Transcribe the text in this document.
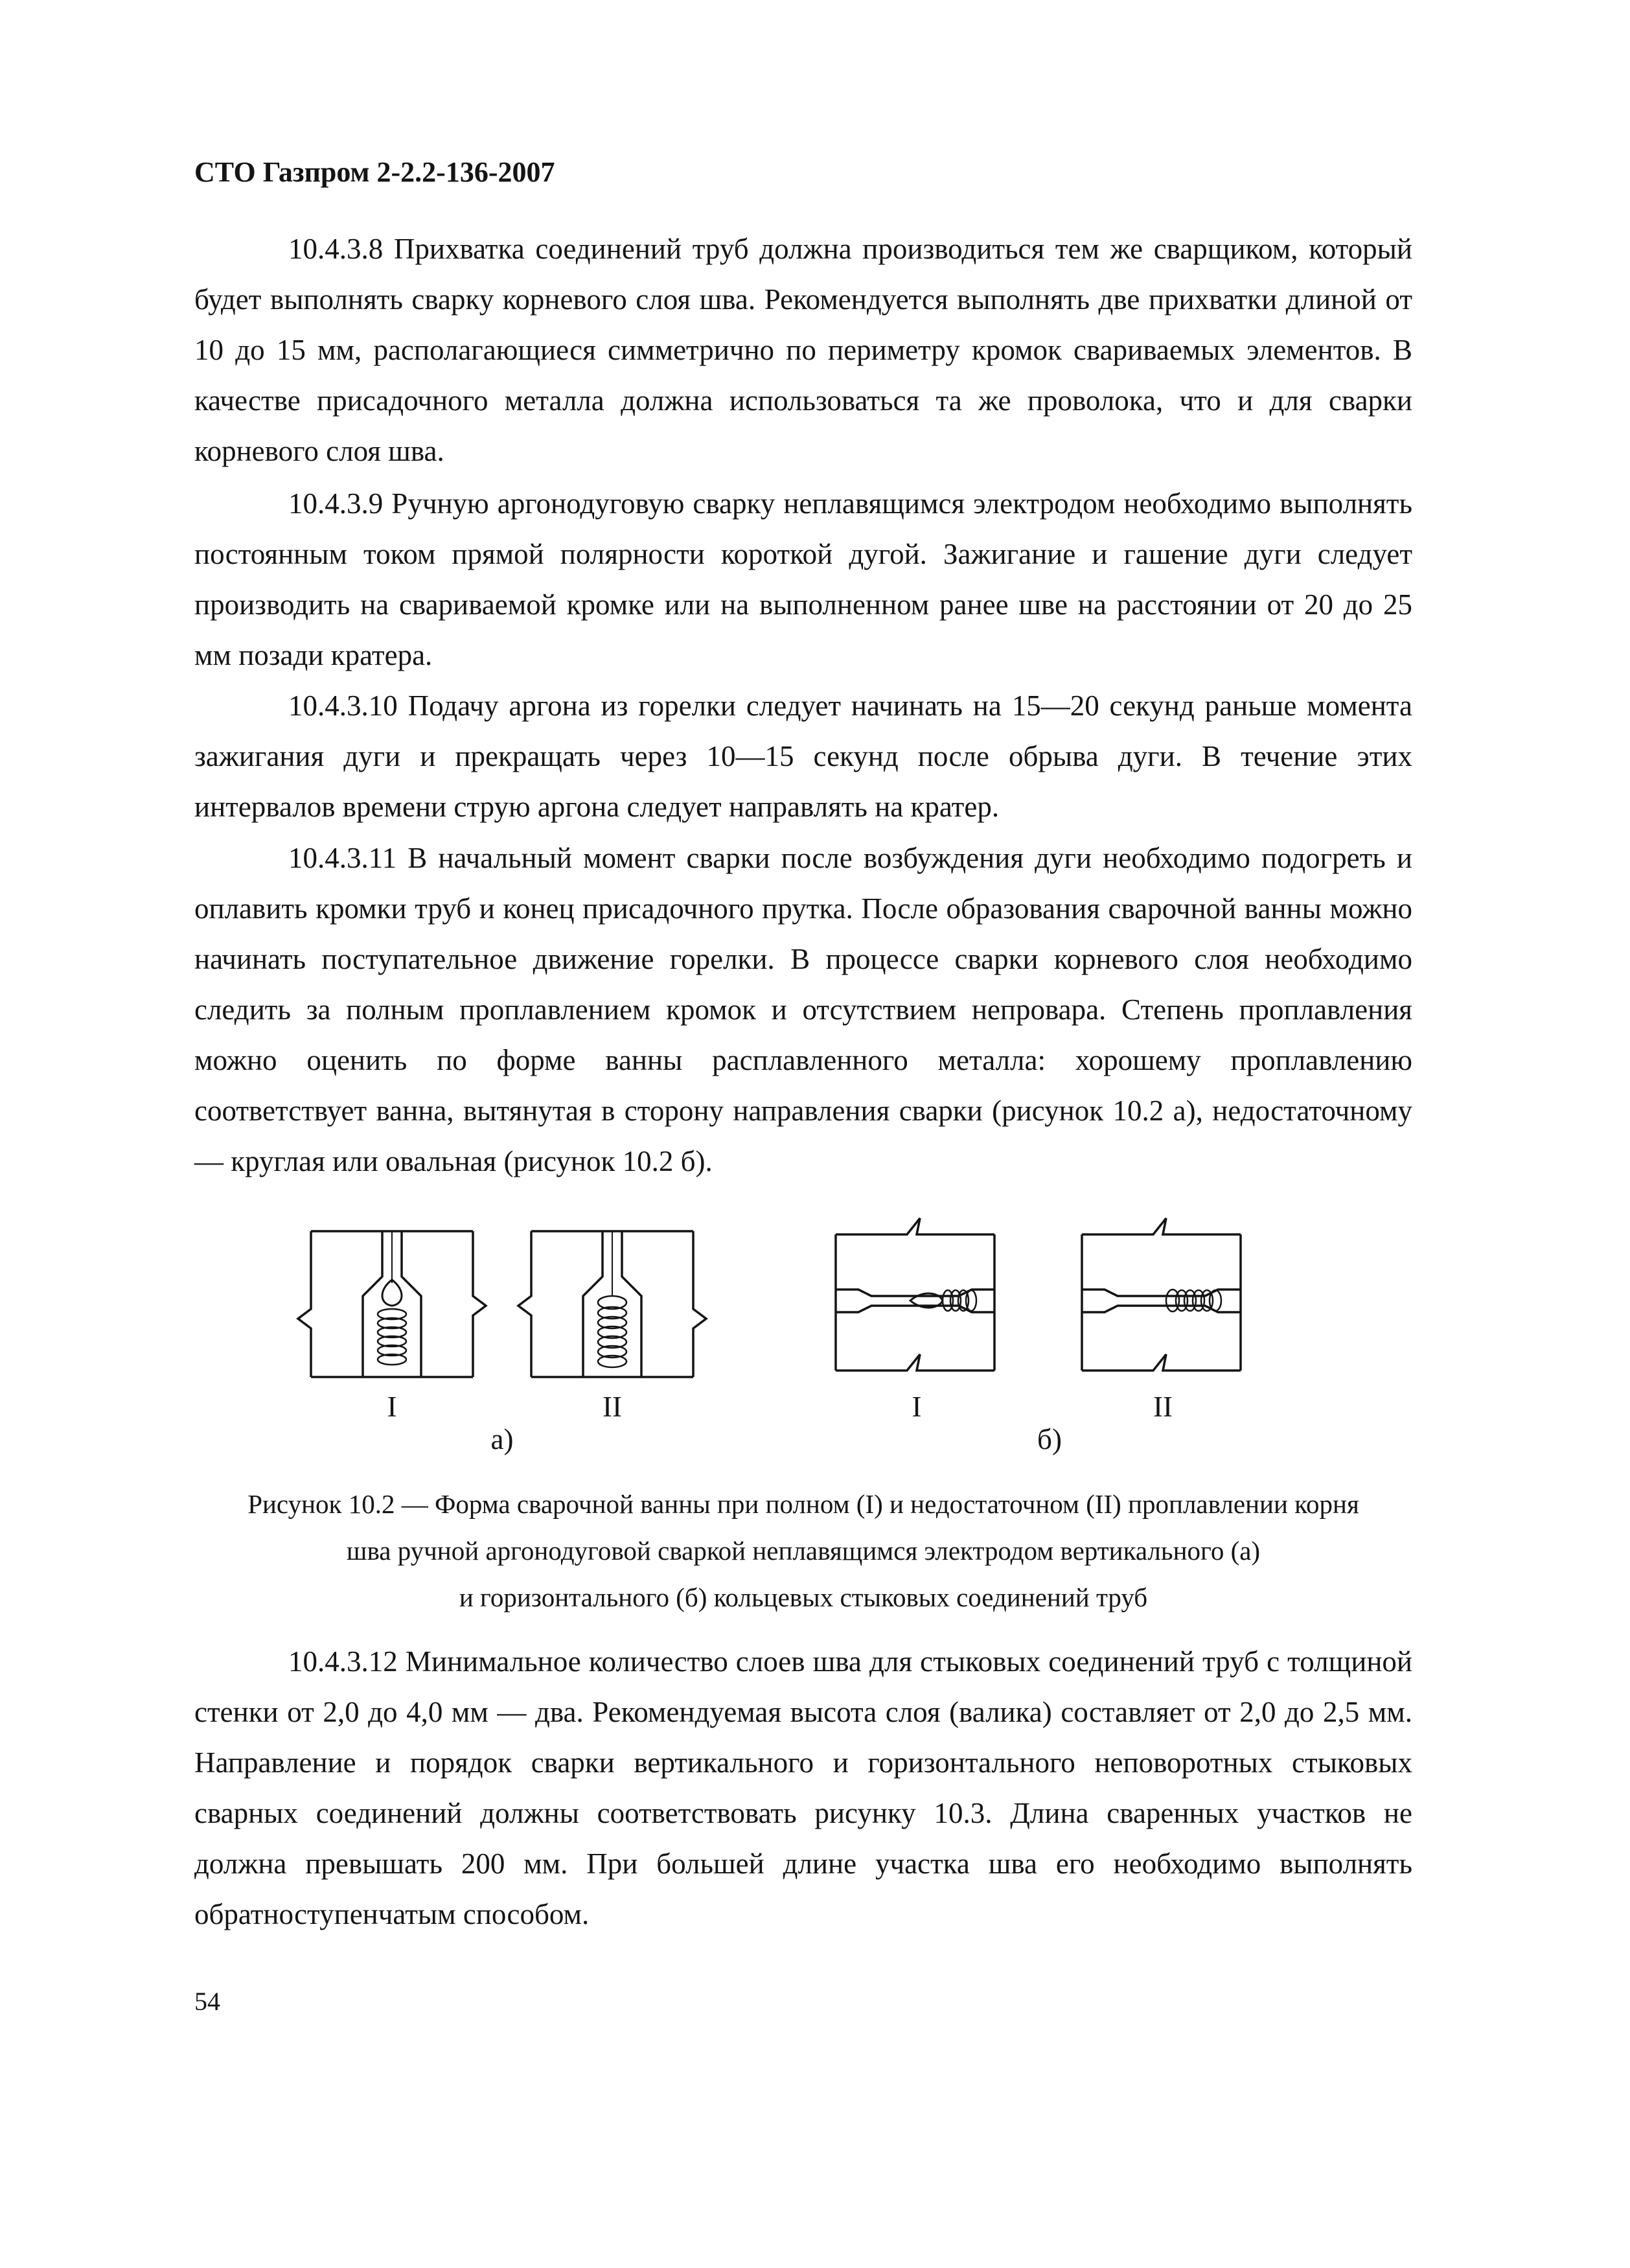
СТО Газпром 2-2.2-136-2007

10.4.3.8 Прихватка соединений труб должна производиться тем же сварщиком, который будет выполнять сварку корневого слоя шва. Рекомендуется выполнять две прихватки длиной от 10 до 15 мм, располагающиеся симметрично по периметру кромок свариваемых элементов. В качестве присадочного металла должна использоваться та же проволока, что и для сварки корневого слоя шва.

10.4.3.9 Ручную аргонодуговую сварку неплавящимся электродом необходимо выполнять постоянным током прямой полярности короткой дугой. Зажигание и гашение дуги следует производить на свариваемой кромке или на выполненном ранее шве на расстоянии от 20 до 25 мм позади кратера.

10.4.3.10 Подачу аргона из горелки следует начинать на 15—20 секунд раньше момента зажигания дуги и прекращать через 10—15 секунд после обрыва дуги. В течение этих интервалов времени струю аргона следует направлять на кратер.

10.4.3.11 В начальный момент сварки после возбуждения дуги необходимо подогреть и оплавить кромки труб и конец присадочного прутка. После образования сварочной ванны можно начинать поступательное движение горелки. В процессе сварки корневого слоя необходимо следить за полным проплавлением кромок и отсутствием непровара. Степень проплавления можно оценить по форме ванны расплавленного металла: хорошему проплавлению соответствует ванна, вытянутая в сторону направления сварки (рисунок 10.2 а), недостаточному — круглая или овальная (рисунок 10.2 б).

I	II
а)
I	II
б)
Рисунок 10.2 — Форма сварочной ванны при полном (I) и недостаточном (II) проплавлении корня
шва ручной аргонодуговой сваркой неплавящимся электродом вертикального (а)
и горизонтального (б) кольцевых стыковых соединений труб

10.4.3.12 Минимальное количество слоев шва для стыковых соединений труб с толщиной стенки от 2,0 до 4,0 мм — два. Рекомендуемая высота слоя (валика) составляет от 2,0 до 2,5 мм. Направление и порядок сварки вертикального и горизонтального неповоротных стыковых сварных соединений должны соответствовать рисунку 10.3. Длина сваренных участков не должна превышать 200 мм. При большей длине участка шва его необходимо выполнять обратноступенчатым способом.

54
